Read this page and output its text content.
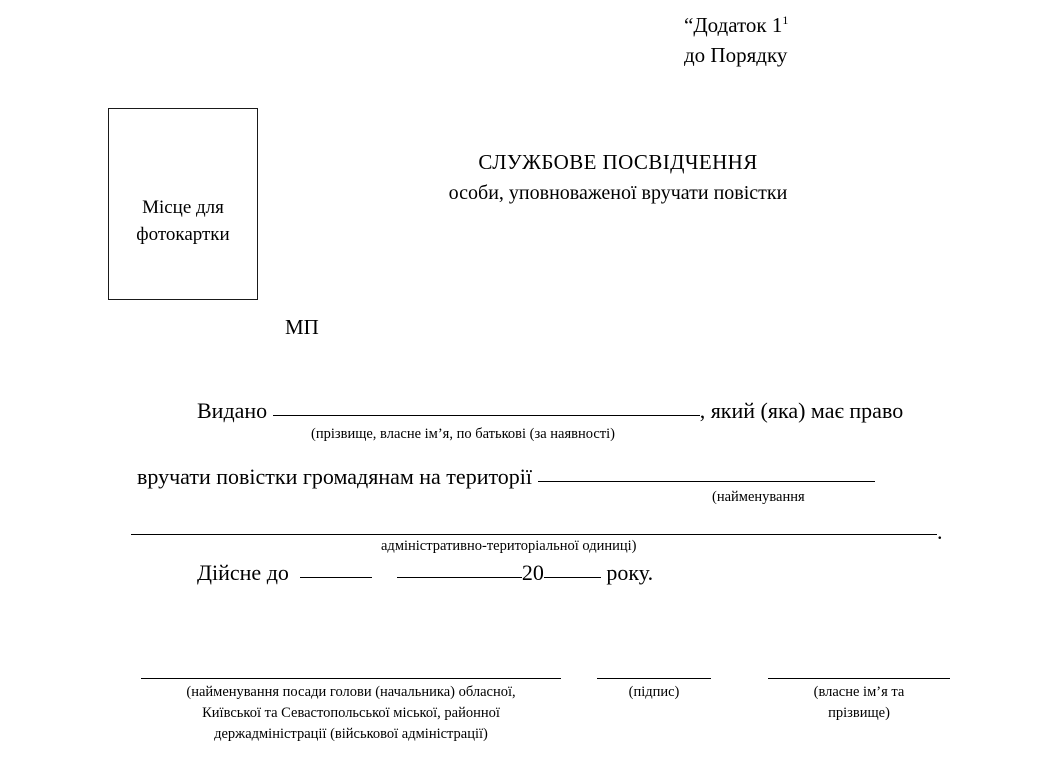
“Додаток $1^1$
до Порядку
Місце для
фотокартки
СЛУЖБОВЕ ПОСВІДЧЕННЯ
особи, уповноваженої вручати повістки
МП
Видано	, який (яка) має право
(прізвище, власне ім’я, по батькові (за наявності)
вручати повістки громадянам на території
(найменування
.
адміністративно-територіальної одиниці)
Дійсне до	20	року.
(найменування посади голови (начальника) обласної,
Київської та Севастопольської міської, районної
держадміністрації (військової адміністрації)
(підпис)	(власне ім’я та
прізвище)
